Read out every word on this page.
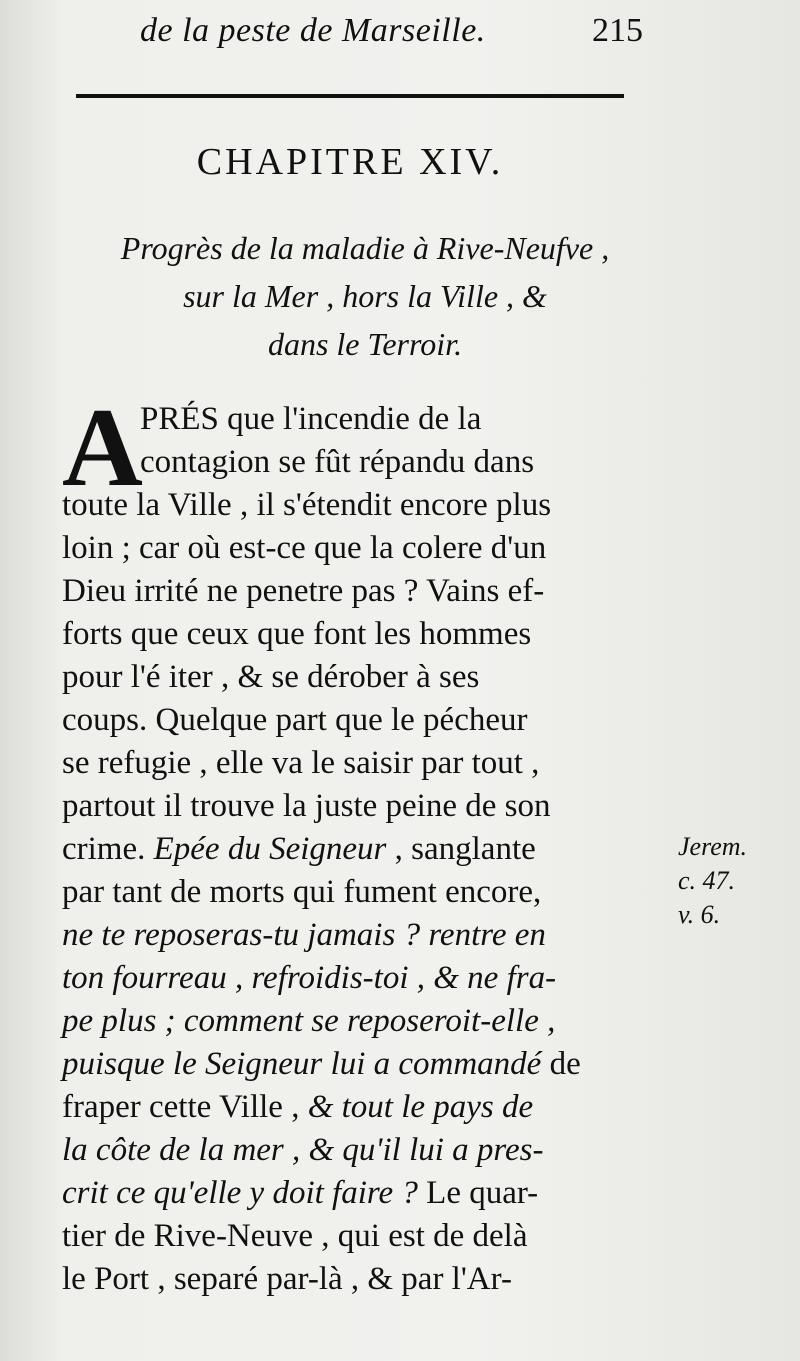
de la peste de Marseille.	215
CHAPITRE XIV.
Progrès de la maladie à Rive-Neufve ,
sur la Mer , hors la Ville , &
dans le Terroir.
A
PRÉS que l'incendie de la
contagion se fût répandu dans
toute la Ville , il s'étendit encore plus
loin ; car où est-ce que la colere d'un
Dieu irrité ne penetre pas ? Vains ef-
forts que ceux que font les hommes
pour l'é iter , & se dérober à ses
coups. Quelque part que le pécheur
se refugie , elle va le saisir par tout ,
partout il trouve la juste peine de son
crime. Epée du Seigneur , sanglante
par tant de morts qui fument encore,
ne te reposeras-tu jamais ? rentre en
ton fourreau , refroidis-toi , & ne fra-
pe plus ; comment se reposeroit-elle ,
puisque le Seigneur lui a commandé de
fraper cette Ville , & tout le pays de
la côte de la mer , & qu'il lui a pres-
crit ce qu'elle y doit faire ? Le quar-
tier de Rive-Neuve , qui est de delà
le Port , separé par-là , & par l'Ar-
Jerem.
c. 47.
v. 6.
